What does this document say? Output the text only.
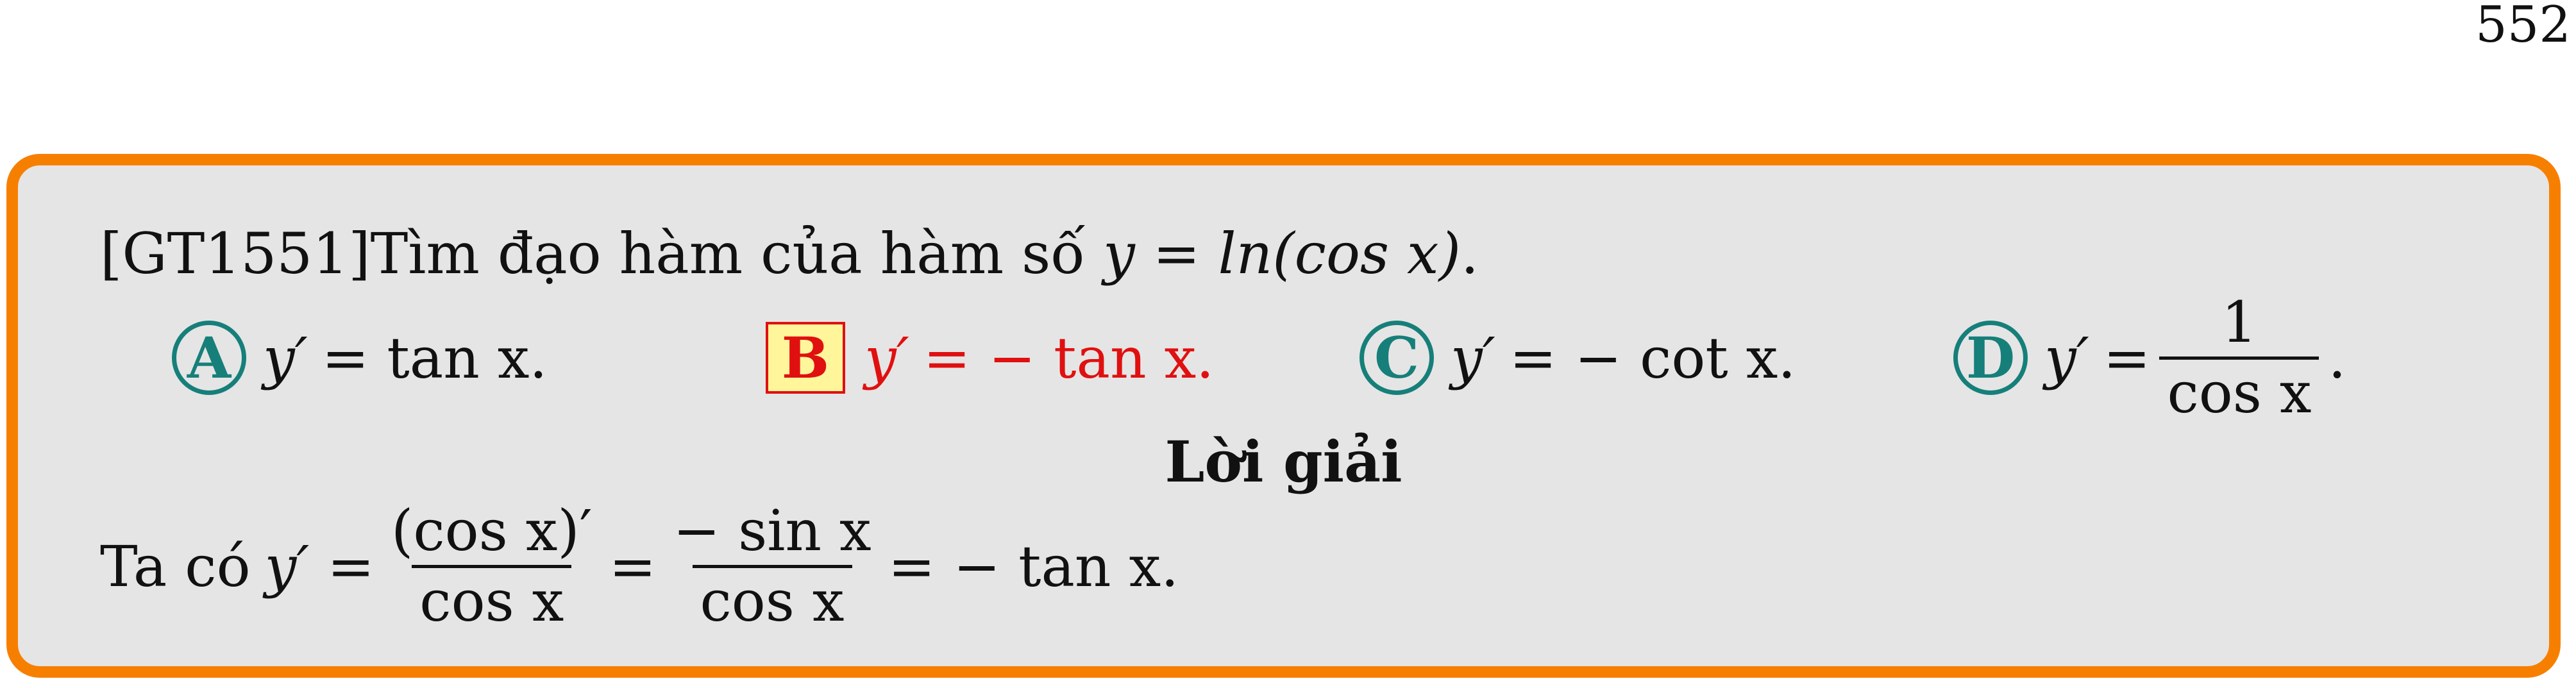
552
[GT1551]Tìm đạo hàm của hàm số y = ln(cos x).
A y′ = tan x.	B y′ = − tan x.	C y′ = − cot x.	D $y' = \frac{1}{\text{cos x}}$ .
Lời giải
Ta có $y' = \frac{\text{(cos x)′}}{\text{cos x}} = \frac{\text{− sin x}}{\text{cos x}}$ = − tan x.
